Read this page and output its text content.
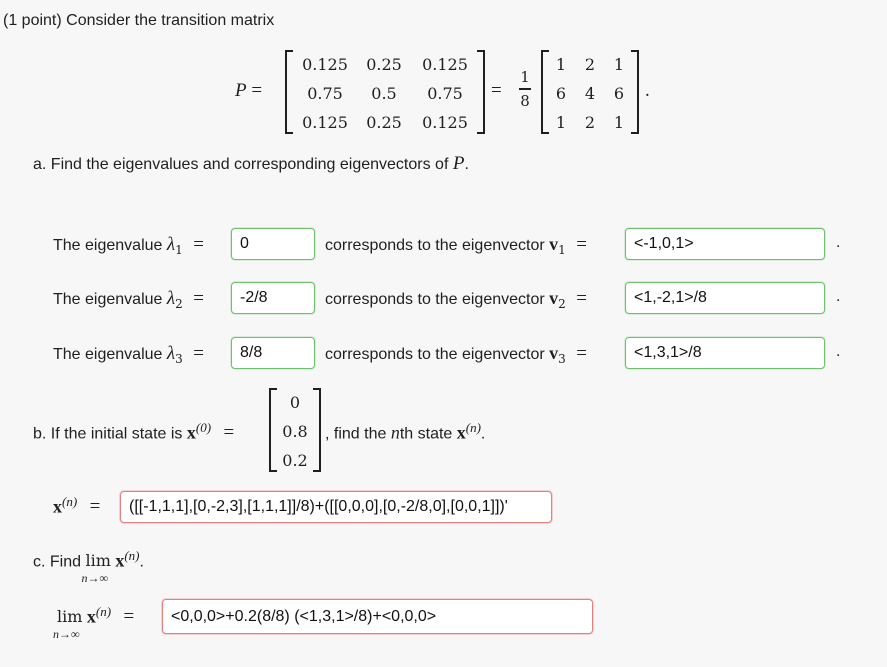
(1 point) Consider the transition matrix
P =
0.125	0.25	0.125
0.75	0.5	0.75
0.125	0.25	0.125
=
1
8
1	2	1
6	4	6
1	2	1
.
a. Find the eigenvalues and corresponding eigenvectors of P.
The eigenvalue $\lambda_1$ =	0	corresponds to the eigenvector $v_1$ =	<-1,0,1>	.
The eigenvalue $\lambda_2$ =	-2/8	corresponds to the eigenvector $v_2$ =	<1,-2,1>/8	.
The eigenvalue $\lambda_3$ =	8/8	corresponds to the eigenvector $v_3$ =	<1,3,1>/8	.
b. If the initial state is $x^{(0)}$ =
0
0.8
0.2
, find the nth state $x^{(n)}$.
$x^{(n)}$ =	([[-1,1,1],[0,-2,3],[1,1,1]]/8)+([[0,0,0],[0,-2/8,0],[0,0,1]])'
c. Find lim
n→∞
$x^{(n)}$.
lim
n→∞
$x^{(n)}$ =	<0,0,0>+0.2(8/8) (<1,3,1>/8)+<0,0,0>
